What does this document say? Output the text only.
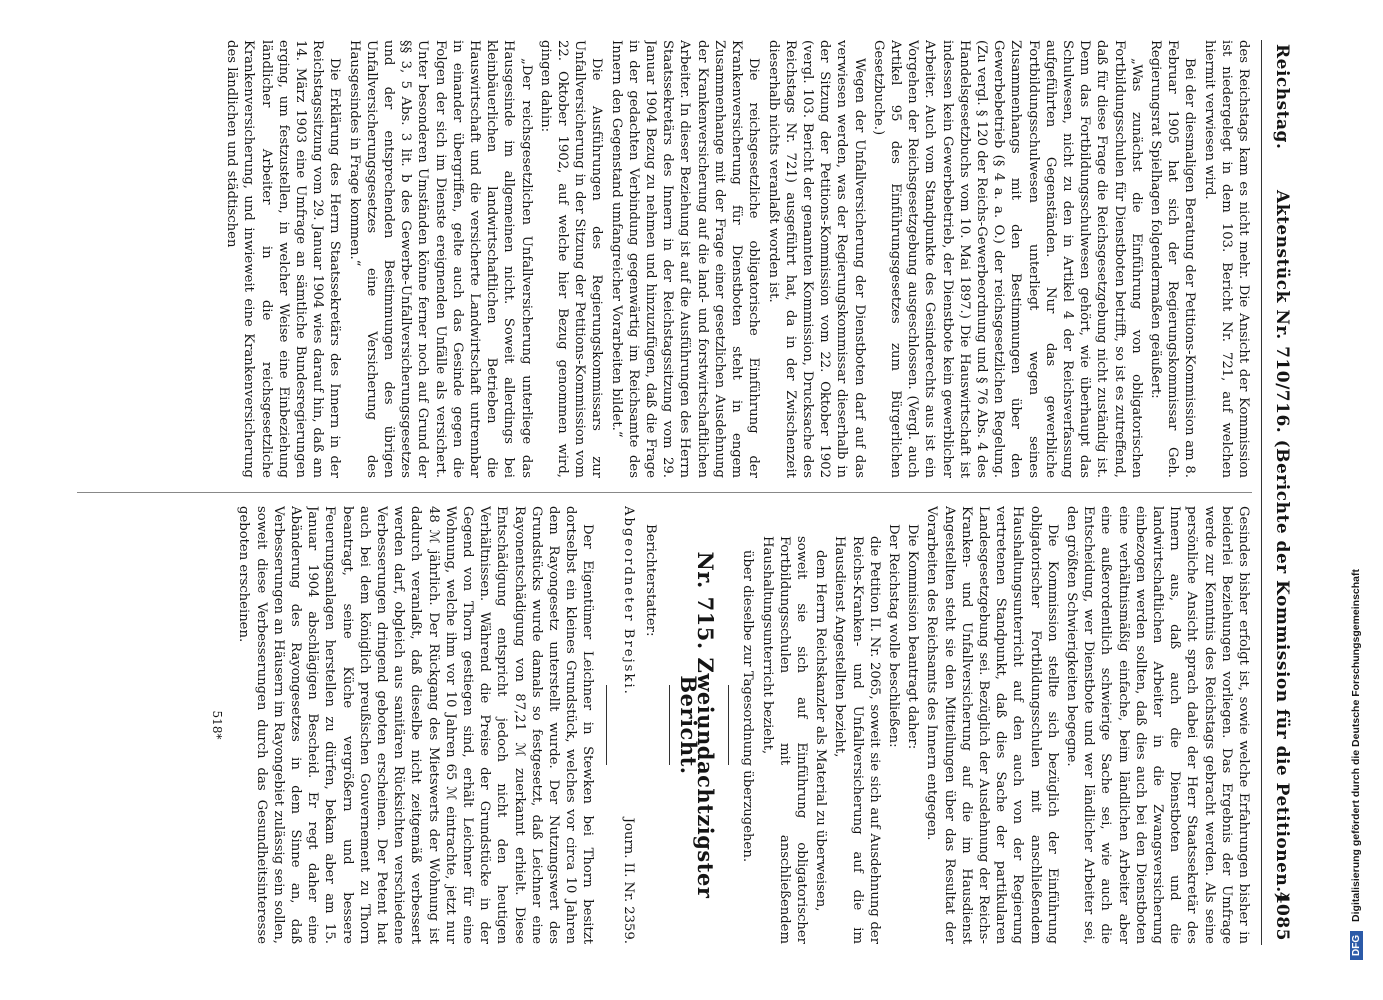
Reichstag.
Aktenstück Nr. 710/716. (Berichte der Kommission für die Petitionen.)
4085

des Reichstags kam es nicht mehr. Die Ansicht der Kommission ist niedergelegt in dem 103. Bericht Nr. 721, auf welchen hiermit verwiesen wird.

Bei der diesmaligen Beratung der Petitions-Kommission am 8. Februar 1905 hat sich der Regierungskommissar Geh. Regierungsrat Spielhagen folgendermaßen geäußert:

„Was zunächst die Einführung von obligatorischen Fortbildungsschulen für Dienstboten betrifft, so ist es zutreffend, daß für diese Frage die Reichsgesetzgebung nicht zuständig ist. Denn das Fortbildungsschulwesen gehört, wie überhaupt das Schulwesen, nicht zu den in Artikel 4 der Reichsverfassung aufgeführten Gegenständen. Nur das gewerbliche Fortbildungsschulwesen unterliegt wegen seines Zusammenhangs mit den Bestimmungen über den Gewerbebetrieb (§ 4 a. a. O.) der reichsgesetzlichen Regelung. (Zu vergl. § 120 der Reichs-Gewerbeordnung und § 76 Abs. 4 des Handelsgesetzbuchs vom 10. Mai 1897.) Die Hauswirtschaft ist indessen kein Gewerbebetrieb, der Dienstbote kein gewerblicher Arbeiter. Auch vom Standpunkte des Gesinderechts aus ist ein Vorgehen der Reichsgesetzgebung ausgeschlossen. (Vergl. auch Artikel 95 des Einführungsgesetzes zum Bürgerlichen Gesetzbuche.)

Wegen der Unfallversicherung der Dienstboten darf auf das verwiesen werden, was der Regierungskommissar dieserhalb in der Sitzung der Petitions-Kommission vom 22. Oktober 1902 (vergl. 103. Bericht der genannten Kommission, Drucksache des Reichstags Nr. 721) ausgeführt hat, da in der Zwischenzeit dieserhalb nichts veranlaßt worden ist.

Die reichsgesetzliche obligatorische Einführung der Krankenversicherung für Dienstboten steht in engem Zusammenhange mit der Frage einer gesetzlichen Ausdehnung der Krankenversicherung auf die land- und forstwirtschaftlichen Arbeiter. In dieser Beziehung ist auf die Ausführungen des Herrn Staatssekretärs des Innern in der Reichstagssitzung vom 29. Januar 1904 Bezug zu nehmen und hinzuzufügen, daß die Frage in der gedachten Verbindung gegenwärtig im Reichsamte des Innern den Gegenstand umfangreicher Vorarbeiten bildet.“

Die Ausführungen des Regierungskommissars zur Unfallversicherung in der Sitzung der Petitions-Kommission vom 22. Oktober 1902, auf welche hier Bezug genommen wird, gingen dahin:

„Der reichsgesetzlichen Unfallversicherung unterliege das Hausgesinde im allgemeinen nicht. Soweit allerdings bei kleinbäuerlichen landwirtschaftlichen Betrieben die Hauswirtschaft und die versicherte Landwirtschaft untrennbar in einander übergriffen, gelte auch das Gesinde gegen die Folgen der sich im Dienste ereignenden Unfälle als versichert. Unter besonderen Umständen könne ferner noch auf Grund der §§ 3, 5 Abs. 3 lit. b des Gewerbe-Unfallversicherungsgesetzes und der entsprechenden Bestimmungen des übrigen Unfallversicherungsgesetzes eine Versicherung des Hausgesindes in Frage kommen.“

Die Erklärung des Herrn Staatssekretärs des Innern in der Reichstagssitzung vom 29. Januar 1904 wies darauf hin, daß am 14. März 1903 eine Umfrage an sämtliche Bundesregierungen erging, um festzustellen, in welcher Weise eine Einbeziehung ländlicher Arbeiter in die reichsgesetzliche Krankenversicherung, und inwieweit eine Krankenversicherung des ländlichen und städtischen

Gesindes bisher erfolgt ist, sowie welche Erfahrungen bisher in beiderlei Beziehungen vorliegen. Das Ergebnis der Umfrage werde zur Kenntnis des Reichstags gebracht werden. Als seine persönliche Ansicht sprach dabei der Herr Staatssekretär des Innern aus, daß auch die Dienstboten und die landwirtschaftlichen Arbeiter in die Zwangsversicherung einbezogen werden sollten, daß dies auch bei den Dienstboten eine verhältnismäßig einfache, beim ländlichen Arbeiter aber eine außerordentlich schwierige Sache sei, wie auch die Entscheidung, wer Dienstbote und wer ländlicher Arbeiter sei, den größten Schwierigkeiten begegne.

Die Kommission stellte sich bezüglich der Einführung obligatorischer Fortbildungsschulen mit anschließendem Haushaltungsunterricht auf den auch von der Regierung vertretenen Standpunkt, daß dies Sache der partikularen Landesgesetzgebung sei. Bezüglich der Ausdehnung der Reichs-Kranken- und Unfallversicherung auf die im Hausdienst Angestellten steht sie den Mitteilungen über das Resultat der Vorarbeiten des Reichsamts des Innern entgegen.

Die Kommission beantragt daher:

Der Reichstag wolle beschließen:

die Petition II. Nr. 2065, soweit sie sich auf Ausdehnung der Reichs-Kranken- und Unfallversicherung auf die im Hausdienst Angestellten bezieht,

dem Herrn Reichskanzler als Material zu überweisen,

soweit sie sich auf Einführung obligatorischer Fortbildungsschulen mit anschließendem Haushaltungsunterricht bezieht,

über dieselbe zur Tagesordnung überzugehen.

Nr. 715. Zweiundachtzigster Bericht.
Berichterstatter:
Abgeordneter Brejski.
Journ. II. Nr. 2359.

Der Eigentümer Leichner in Stewken bei Thorn besitzt dortselbst ein kleines Grundstück, welches vor circa 10 Jahren dem Rayongesetz unterstellt wurde. Der Nutzungswert des Grundstücks wurde damals so festgesetzt, daß Leichner eine Rayonentschädigung von 87,21 ℳ zuerkannt erhielt. Diese Entschädigung entspricht jedoch nicht den heutigen Verhältnissen. Während die Preise der Grundstücke in der Gegend von Thorn gestiegen sind, erhält Leichner für eine Wohnung, welche ihm vor 10 Jahren 65 ℳ eintrachte, jetzt nur 48 ℳ jährlich. Der Rückgang des Mietswerts der Wohnung ist dadurch veranlaßt, daß dieselbe nicht zeitgemäß verbessert werden darf, obgleich aus sanitären Rücksichten verschiedene Verbesserungen dringend geboten erscheinen. Der Petent hat auch bei dem königlich preußischen Gouvernement zu Thorn beantragt, seine Küche vergrößern und bessere Feuerungsanlagen herstellen zu dürfen, bekam aber am 15. Januar 1904 abschlägigen Bescheid. Er regt daher eine Abänderung des Rayongesetzes in dem Sinne an, daß Verbesserungen an Häusern im Rayongebiet zulässig sein sollen, soweit diese Verbesserungen durch das Gesundheitsinteresse geboten erscheinen.

518*
DFG Digitalisierung gefördert durch die Deutsche Forschungsgemeinschaft
